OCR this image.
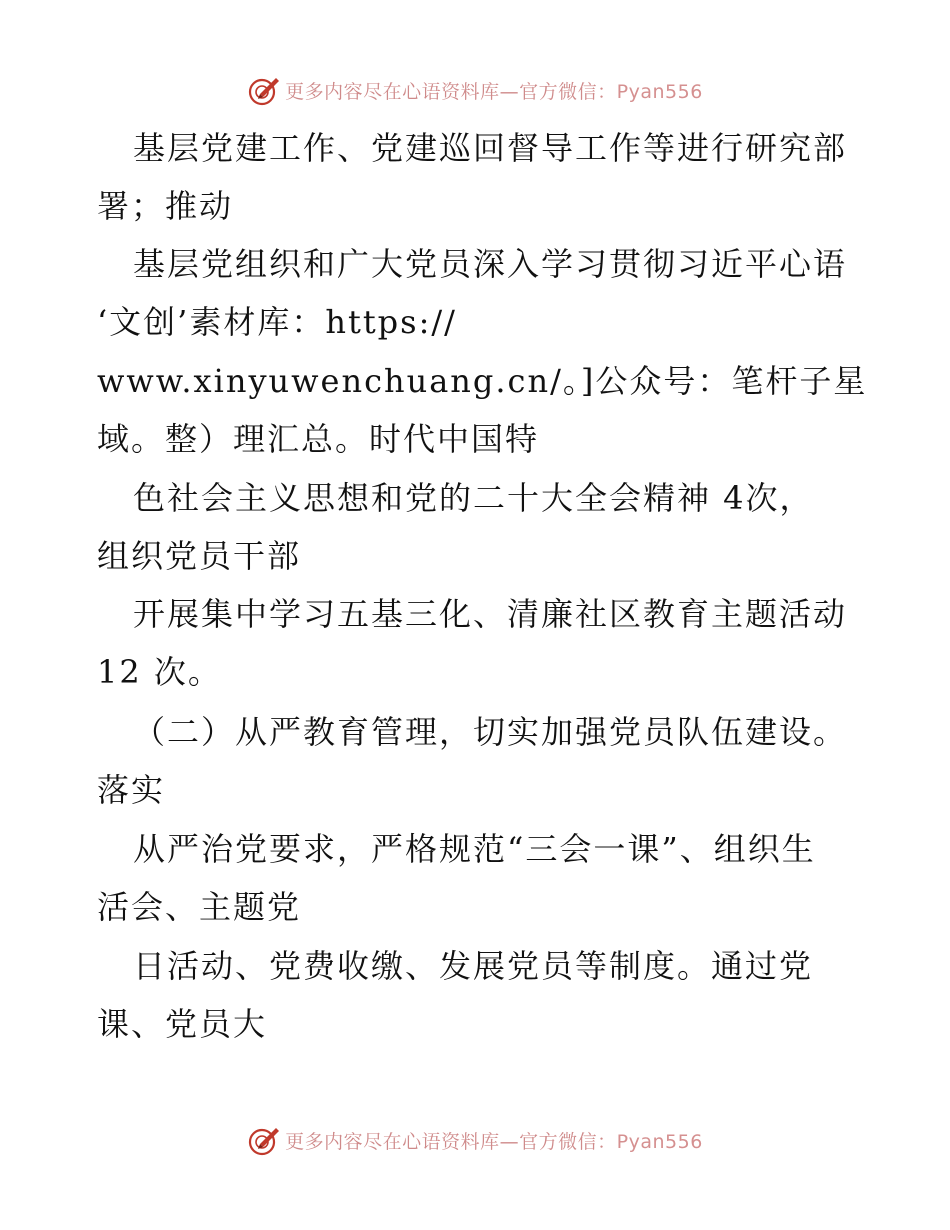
更多内容尽在心语资料库—官方微信：Pyan556
基层党建工作、党建巡回督导工作等进行研究部
署；推动
基层党组织和广大党员深入学习贯彻习近平心语
‘文创’素材库：https://
www.xinyuwenchuang.cn/。]公众号：笔杆子星
域。整）理汇总。时代中国特
色社会主义思想和党的二十大全会精神 4次，
组织党员干部
开展集中学习五基三化、清廉社区教育主题活动
12 次。
（二）从严教育管理，切实加强党员队伍建设。
落实
从严治党要求，严格规范“三会一课”、组织生
活会、主题党
日活动、党费收缴、发展党员等制度。通过党
课、党员大
更多内容尽在心语资料库—官方微信：Pyan556
